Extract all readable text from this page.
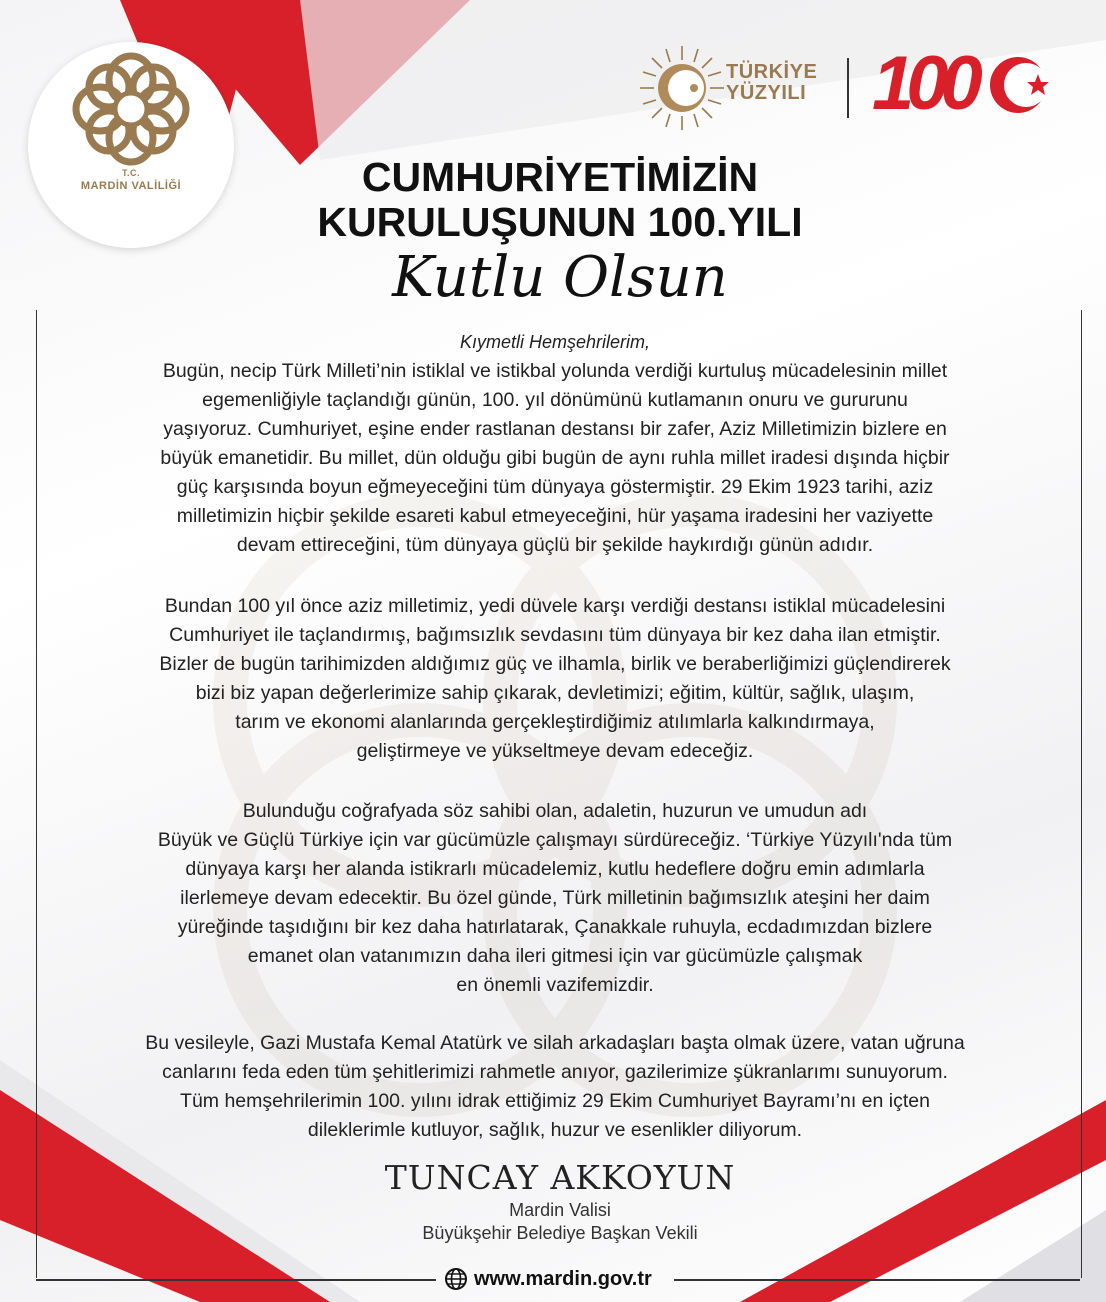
T.C.
MARDİN VALİLİĞİ
TÜRKİYE
YÜZYILI 100
CUMHURİYETİMİZİN
KURULUŞUNUN 100.YILI
Kutlu Olsun
Kıymetli Hemşehrilerim,
Bugün, necip Türk Milleti’nin istiklal ve istikbal yolunda verdiği kurtuluş mücadelesinin millet
egemenliğiyle taçlandığı günün, 100. yıl dönümünü kutlamanın onuru ve gururunu
yaşıyoruz. Cumhuriyet, eşine ender rastlanan destansı bir zafer, Aziz Milletimizin bizlere en
büyük emanetidir. Bu millet, dün olduğu gibi bugün de aynı ruhla millet iradesi dışında hiçbir
güç karşısında boyun eğmeyeceğini tüm dünyaya göstermiştir. 29 Ekim 1923 tarihi, aziz
milletimizin hiçbir şekilde esareti kabul etmeyeceğini, hür yaşama iradesini her vaziyette
devam ettireceğini, tüm dünyaya güçlü bir şekilde haykırdığı günün adıdır.
Bundan 100 yıl önce aziz milletimiz, yedi düvele karşı verdiği destansı istiklal mücadelesini
Cumhuriyet ile taçlandırmış, bağımsızlık sevdasını tüm dünyaya bir kez daha ilan etmiştir.
Bizler de bugün tarihimizden aldığımız güç ve ilhamla, birlik ve beraberliğimizi güçlendirerek
bizi biz yapan değerlerimize sahip çıkarak, devletimizi; eğitim, kültür, sağlık, ulaşım,
tarım ve ekonomi alanlarında gerçekleştirdiğimiz atılımlarla kalkındırmaya,
geliştirmeye ve yükseltmeye devam edeceğiz.
Bulunduğu coğrafyada söz sahibi olan, adaletin, huzurun ve umudun adı
Büyük ve Güçlü Türkiye için var gücümüzle çalışmayı sürdüreceğiz. ‘Türkiye Yüzyılı'nda tüm
dünyaya karşı her alanda istikrarlı mücadelemiz, kutlu hedeflere doğru emin adımlarla
ilerlemeye devam edecektir. Bu özel günde, Türk milletinin bağımsızlık ateşini her daim
yüreğinde taşıdığını bir kez daha hatırlatarak, Çanakkale ruhuyla, ecdadımızdan bizlere
emanet olan vatanımızın daha ileri gitmesi için var gücümüzle çalışmak
en önemli vazifemizdir.
Bu vesileyle, Gazi Mustafa Kemal Atatürk ve silah arkadaşları başta olmak üzere, vatan uğruna
canlarını feda eden tüm şehitlerimizi rahmetle anıyor, gazilerimize şükranlarımı sunuyorum.
Tüm hemşehrilerimin 100. yılını idrak ettiğimiz 29 Ekim Cumhuriyet Bayramı’nı en içten
dileklerimle kutluyor, sağlık, huzur ve esenlikler diliyorum.
TUNCAY AKKOYUN
Mardin Valisi
Büyükşehir Belediye Başkan Vekili
www.mardin.gov.tr
